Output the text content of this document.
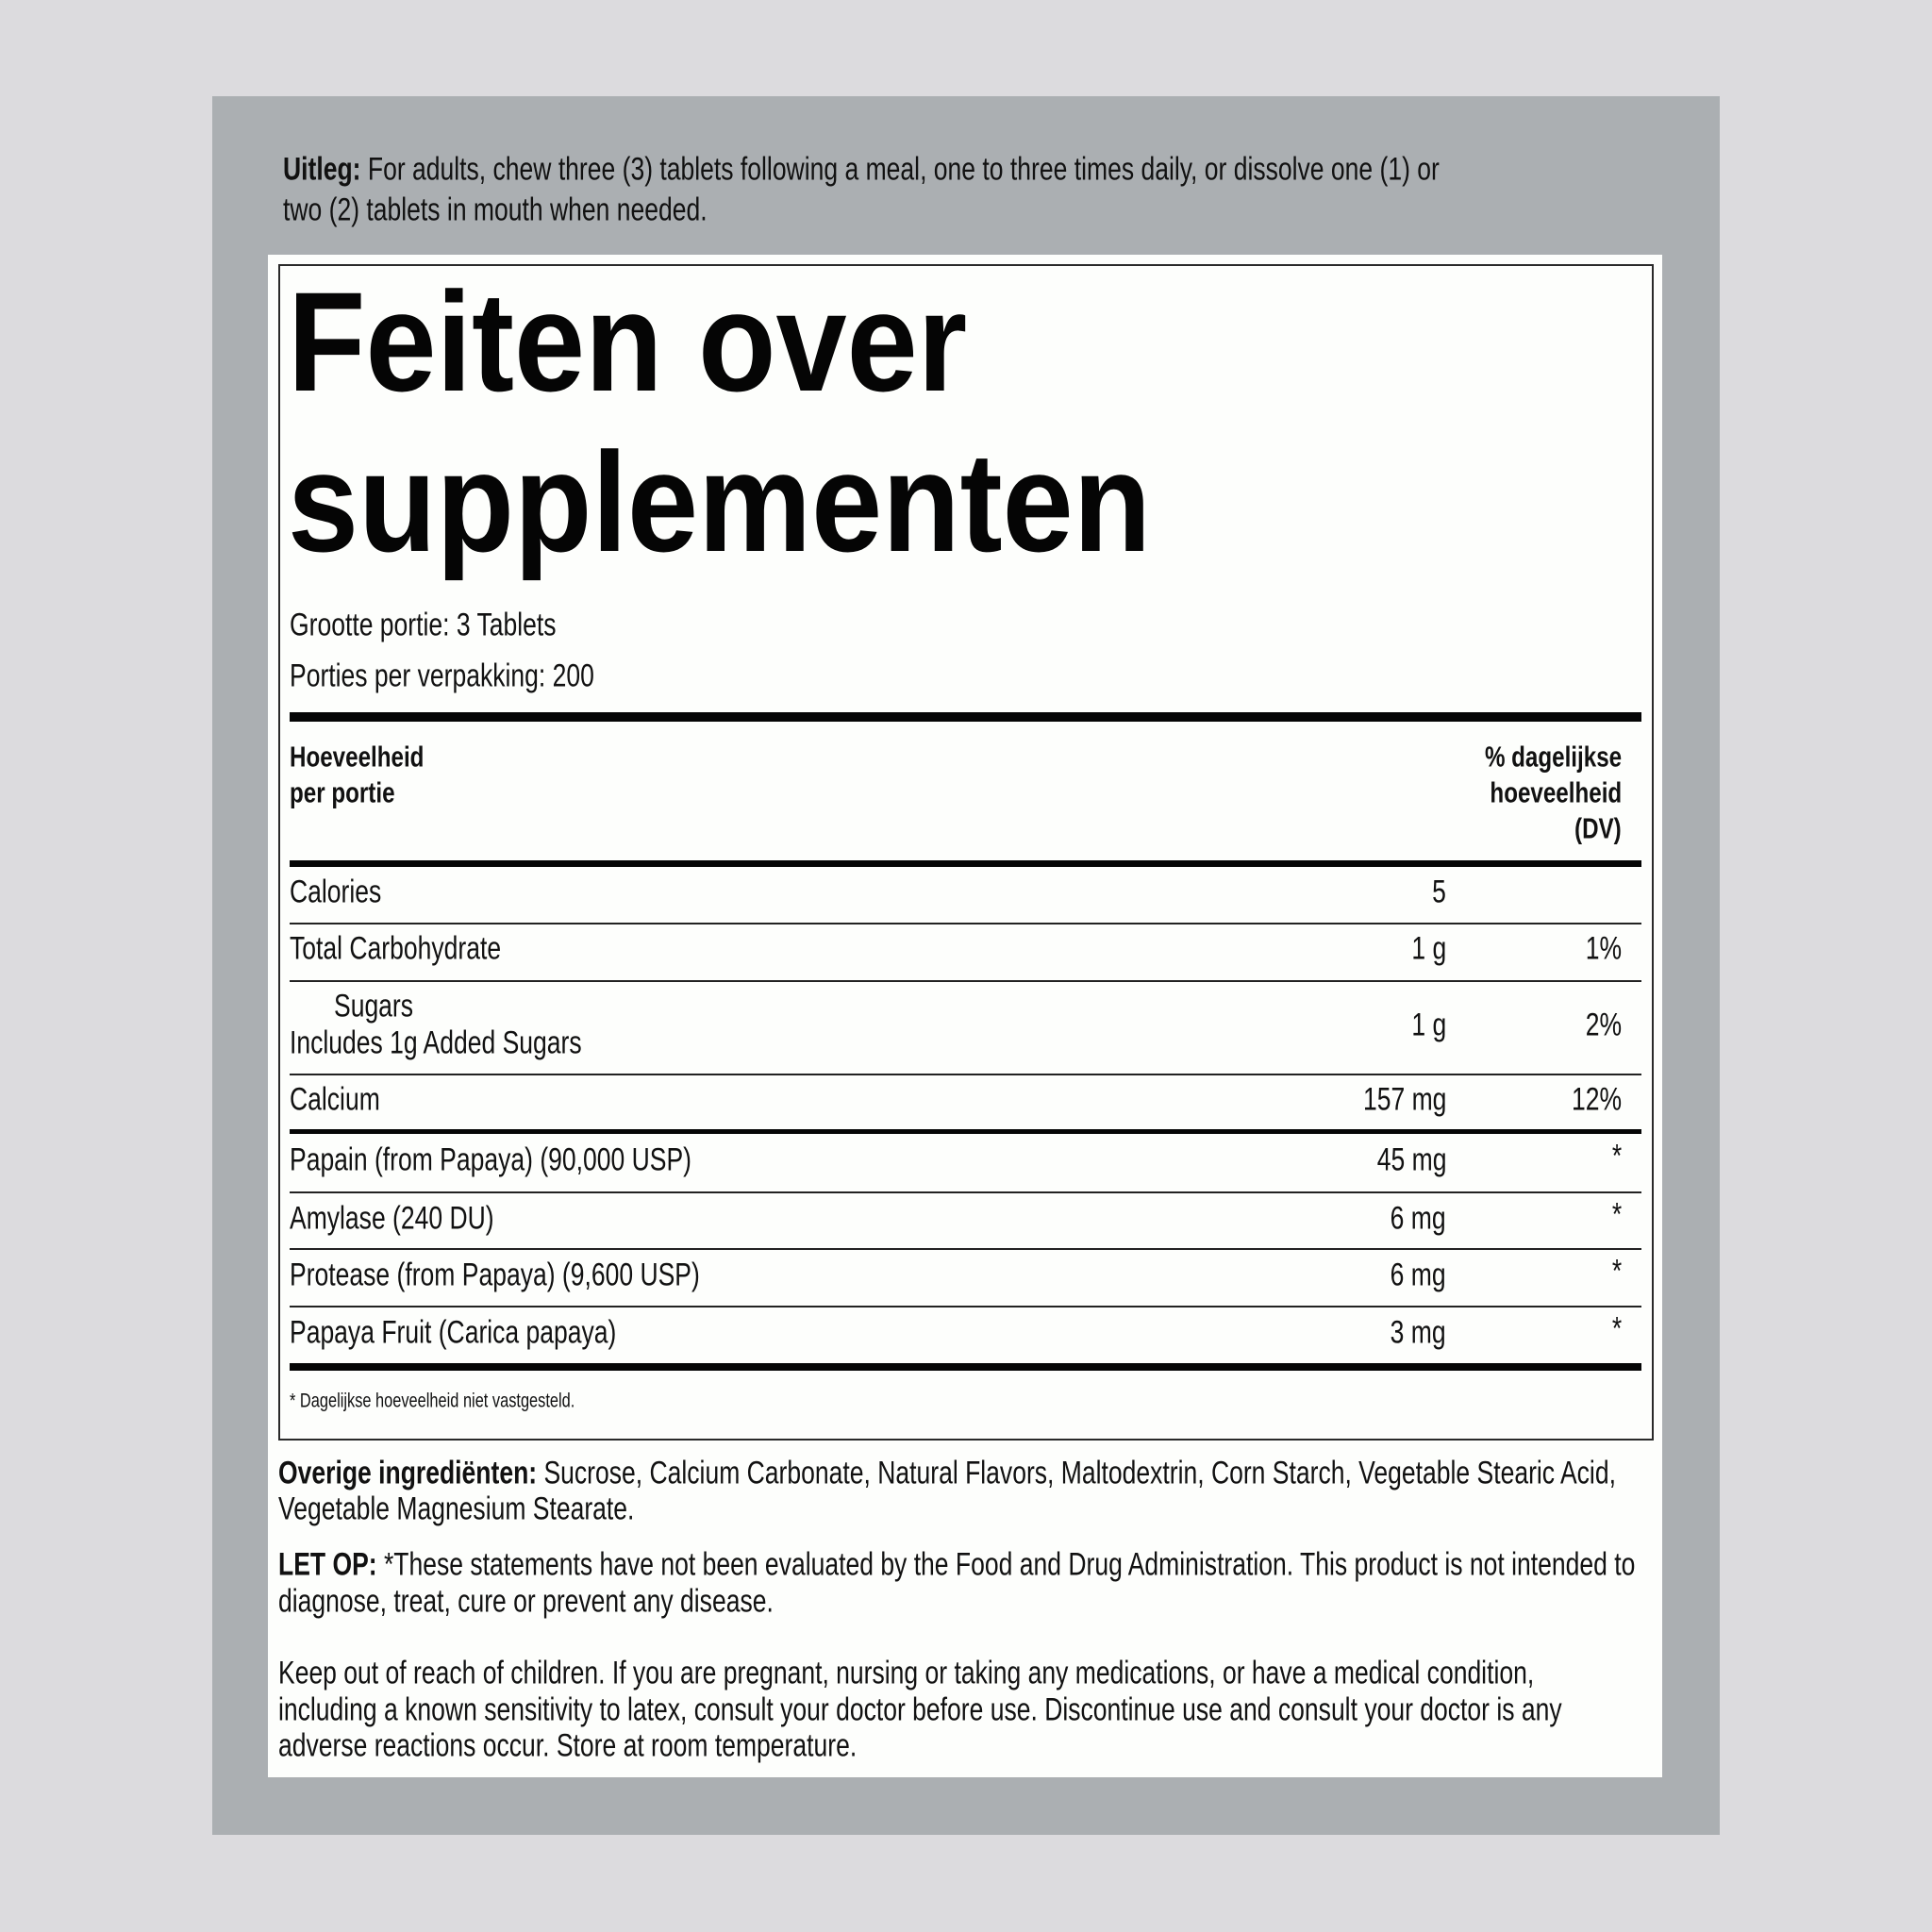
Uitleg: For adults, chew three (3) tablets following a meal, one to three times daily, or dissolve one (1) or
two (2) tablets in mouth when needed.
Feiten over
supplementen
Grootte portie: 3 Tablets
Porties per verpakking: 200
Hoeveelheid
per portie
% dagelijkse
hoeveelheid
(DV)
Calories	5
Total Carbohydrate	1 g	1%
Sugars
Includes 1g Added Sugars	1 g	2%
Calcium	157 mg	12%
Papain (from Papaya) (90,000 USP)	45 mg	*
Amylase (240 DU)	6 mg	*
Protease (from Papaya) (9,600 USP)	6 mg	*
Papaya Fruit (Carica papaya)	3 mg	*
* Dagelijkse hoeveelheid niet vastgesteld.
Overige ingrediënten: Sucrose, Calcium Carbonate, Natural Flavors, Maltodextrin, Corn Starch, Vegetable Stearic Acid,
Vegetable Magnesium Stearate.
LET OP: *These statements have not been evaluated by the Food and Drug Administration. This product is not intended to
diagnose, treat, cure or prevent any disease.
Keep out of reach of children. If you are pregnant, nursing or taking any medications, or have a medical condition,
including a known sensitivity to latex, consult your doctor before use. Discontinue use and consult your doctor is any
adverse reactions occur. Store at room temperature.
